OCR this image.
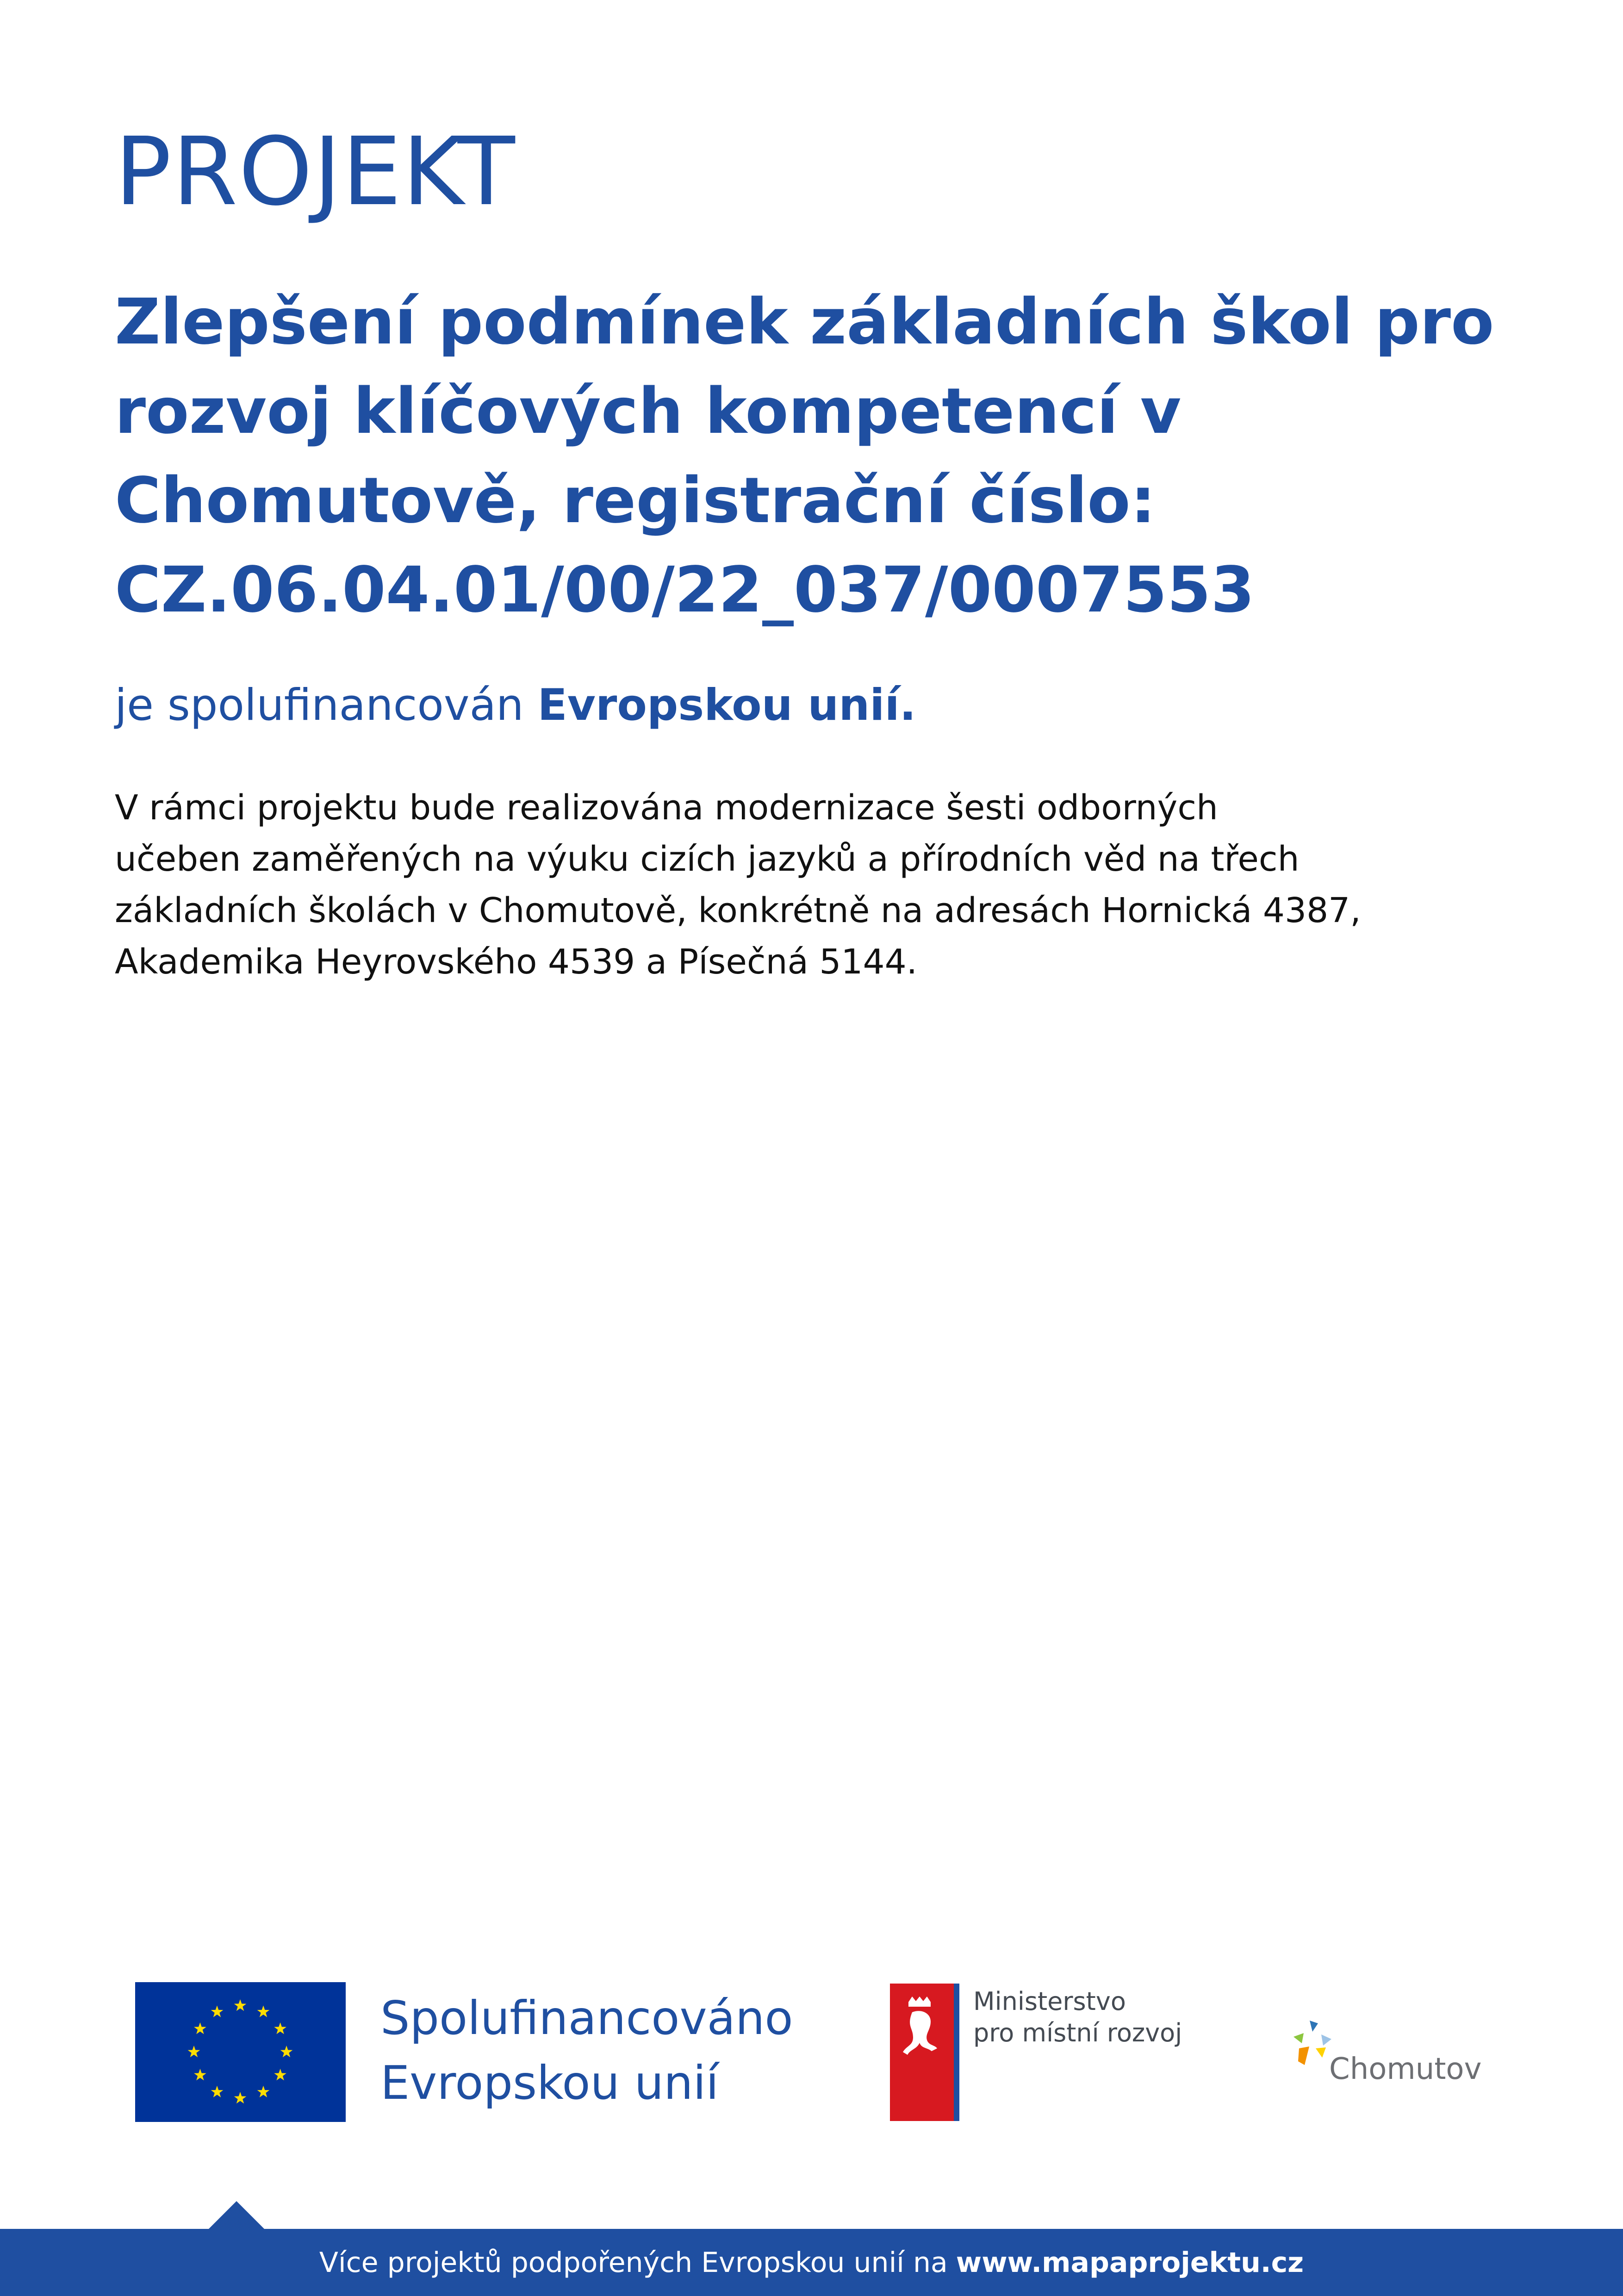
PROJEKT
Zlepšení podmínek základních škol pro rozvoj klíčových kompetencí v Chomutově, registrační číslo: CZ.06.04.01/00/22_037/0007553

je spolufinancován Evropskou unií.

V rámci projektu bude realizována modernizace šesti odborných
učeben zaměřených na výuku cizích jazyků a přírodních věd na třech
základních školách v Chomutově, konkrétně na adresách Hornická 4387,
Akademika Heyrovského 4539 a Písečná 5144.

Spolufinancováno
Evropskou unií

Ministerstvo
pro místní rozvoj

Chomutov

Více projektů podpořených Evropskou unií na www.mapaprojektu.cz
